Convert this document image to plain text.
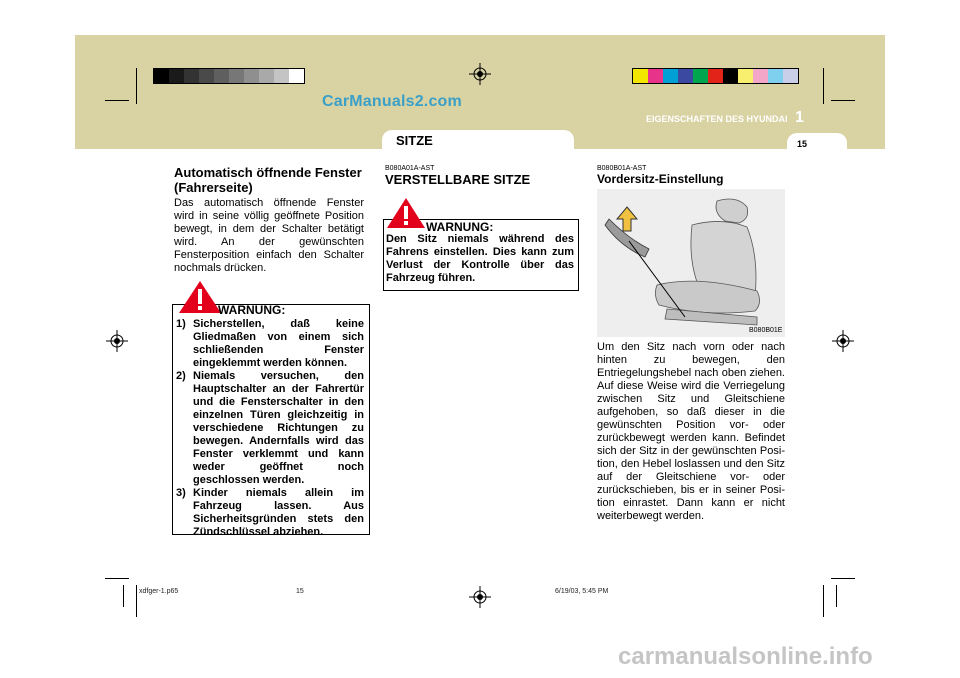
CarManuals2.com
EIGENSCHAFTEN DES HYUNDAI 1
SITZE	15
Automatisch öffnende Fenster (Fahrerseite)
Das automatisch öffnende Fenster wird in seine völlig geöffnete Position bewegt, in dem der Schalter betätigt wird. An der gewünschten Fensterposition einfach den Schalter nochmals drücken.
WARNUNG:
1) Sicherstellen, daß keine Gliedmaßen von einem sich schließenden Fenster eingeklemmt werden können.
2) Niemals versuchen, den Hauptschalter an der Fahrertür und die Fensterschalter in den einzelnen Türen gleichzeitig in verschiedene Richtungen zu bewegen. Andernfalls wird das Fenster verklemmt und kann weder geöffnet noch geschlossen werden.
3) Kinder niemals allein im Fahrzeug lassen. Aus Sicherheitsgründen stets den Zündschlüssel abziehen.
B080A01A-AST
VERSTELLBARE SITZE
WARNUNG:
Den Sitz niemals während des Fahrens einstellen. Dies kann zum Verlust der Kontrolle über das Fahrzeug führen.
B080B01A-AST
Vordersitz-Einstellung
B080B01E
Um den Sitz nach vorn oder nach hinten zu bewegen, den Entriegelungshebel nach oben ziehen. Auf diese Weise wird die Verriegelung zwischen Sitz und Gleitschiene aufgehoben, so daß dieser in die gewünschten Position vor- oder zurückbewegt werden kann. Befindet sich der Sitz in der gewünschten Posi-tion, den Hebel loslassen und den Sitz auf der Gleitschiene vor- oder zurückschieben, bis er in seiner Posi-tion einrastet. Dann kann er nicht weiterbewegt werden.
xdfger-1.p65	15	6/19/03, 5:45 PM
carmanualsonline.info
